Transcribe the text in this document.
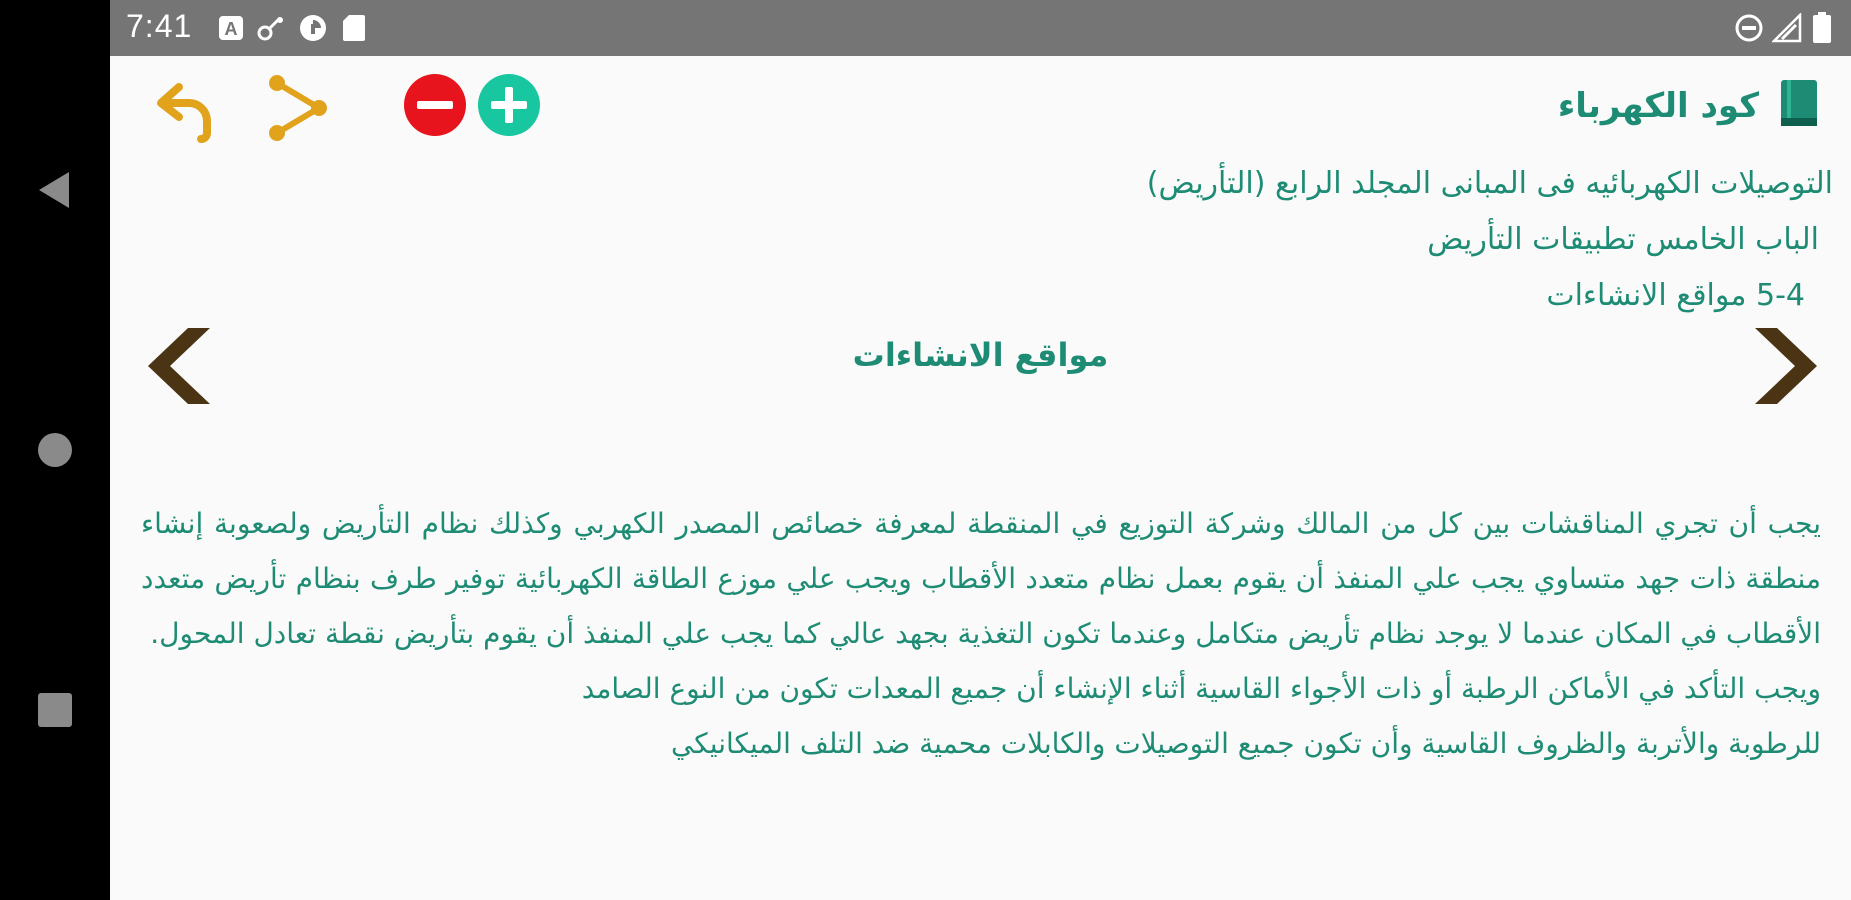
7:41 A
كود الكهرباء
التوصيلات الكهربائيه فى المبانى المجلد الرابع (التأريض)
الباب الخامس تطبيقات التأريض
5-4 مواقع الانشاءات
مواقع الانشاءات

يجب أن تجري المناقشات بين كل من المالك وشركة التوزيع في المنقطة لمعرفة خصائص المصدر الكهربي وكذلك نظام التأريض ولصعوبة إنشاء منطقة ذات جهد متساوي يجب علي المنفذ أن يقوم بعمل نظام متعدد الأقطاب ويجب علي موزع الطاقة الكهربائية توفير طرف بنظام تأريض متعدد الأقطاب في المكان عندما لا يوجد نظام تأريض متكامل وعندما تكون التغذية بجهد عالي كما يجب علي المنفذ أن يقوم بتأريض نقطة تعادل المحول.

ويجب التأكد في الأماكن الرطبة أو ذات الأجواء القاسية أثناء الإنشاء أن جميع المعدات تكون من النوع الصامد

للرطوبة والأتربة والظروف القاسية وأن تكون جميع التوصيلات والكابلات محمية ضد التلف الميكانيكي
